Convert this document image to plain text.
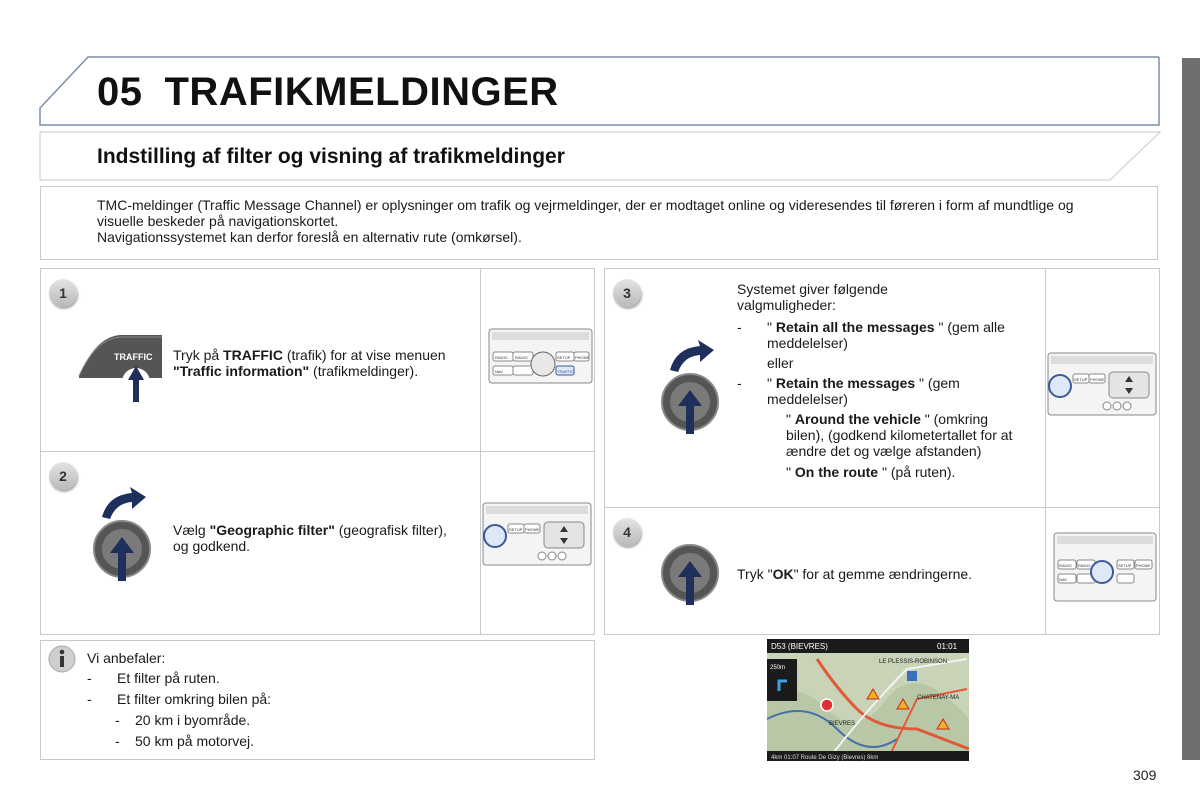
05 TRAFIKMELDINGER
Indstilling af filter og visning af trafikmeldinger

TMC-meldinger (Traffic Message Channel) er oplysninger om trafik og vejrmeldinger, der er modtaget online og videresendes til føreren i form af mundtlige og visuelle beskeder på navigationskortet.

Navigationssystemet kan derfor foreslå en alternativ rute (omkørsel).

1
TRAFFIC Tryk på TRAFFIC (trafik) for at vise menuen "Traffic information" (trafikmeldinger).
RADIO RADIO
NAV
SETUP PHONE
TRAFFIC
2
Vælg "Geographic filter" (geografisk filter), og godkend.
SETUP PHONE
3	Systemet giver følgende valgmuligheder:

- " Retain all the messages " (gem alle meddelelser)

eller

- " Retain the messages " (gem meddelelser)

" Around the vehicle " (omkring bilen), (godkend kilometertallet for at ændre det og vælge afstanden)

" On the route " (på ruten).

SETUP PHONE
4
Tryk "OK" for at gemme ændringerne.
RADIO RADIO
NAV
SETUP PHONE

Vi anbefaler:

- Et filter på ruten.
- Et filter omkring bilen på:
- 20 km i byområde.
- 50 km på motorvej.
D53 (BIEVRES)	01:01
250m
LE PLESSIS-ROBINSON
CHATENAY-MA
BIEVRES
4km 01:07 Route De Gizy (Bievres) 8km
309
